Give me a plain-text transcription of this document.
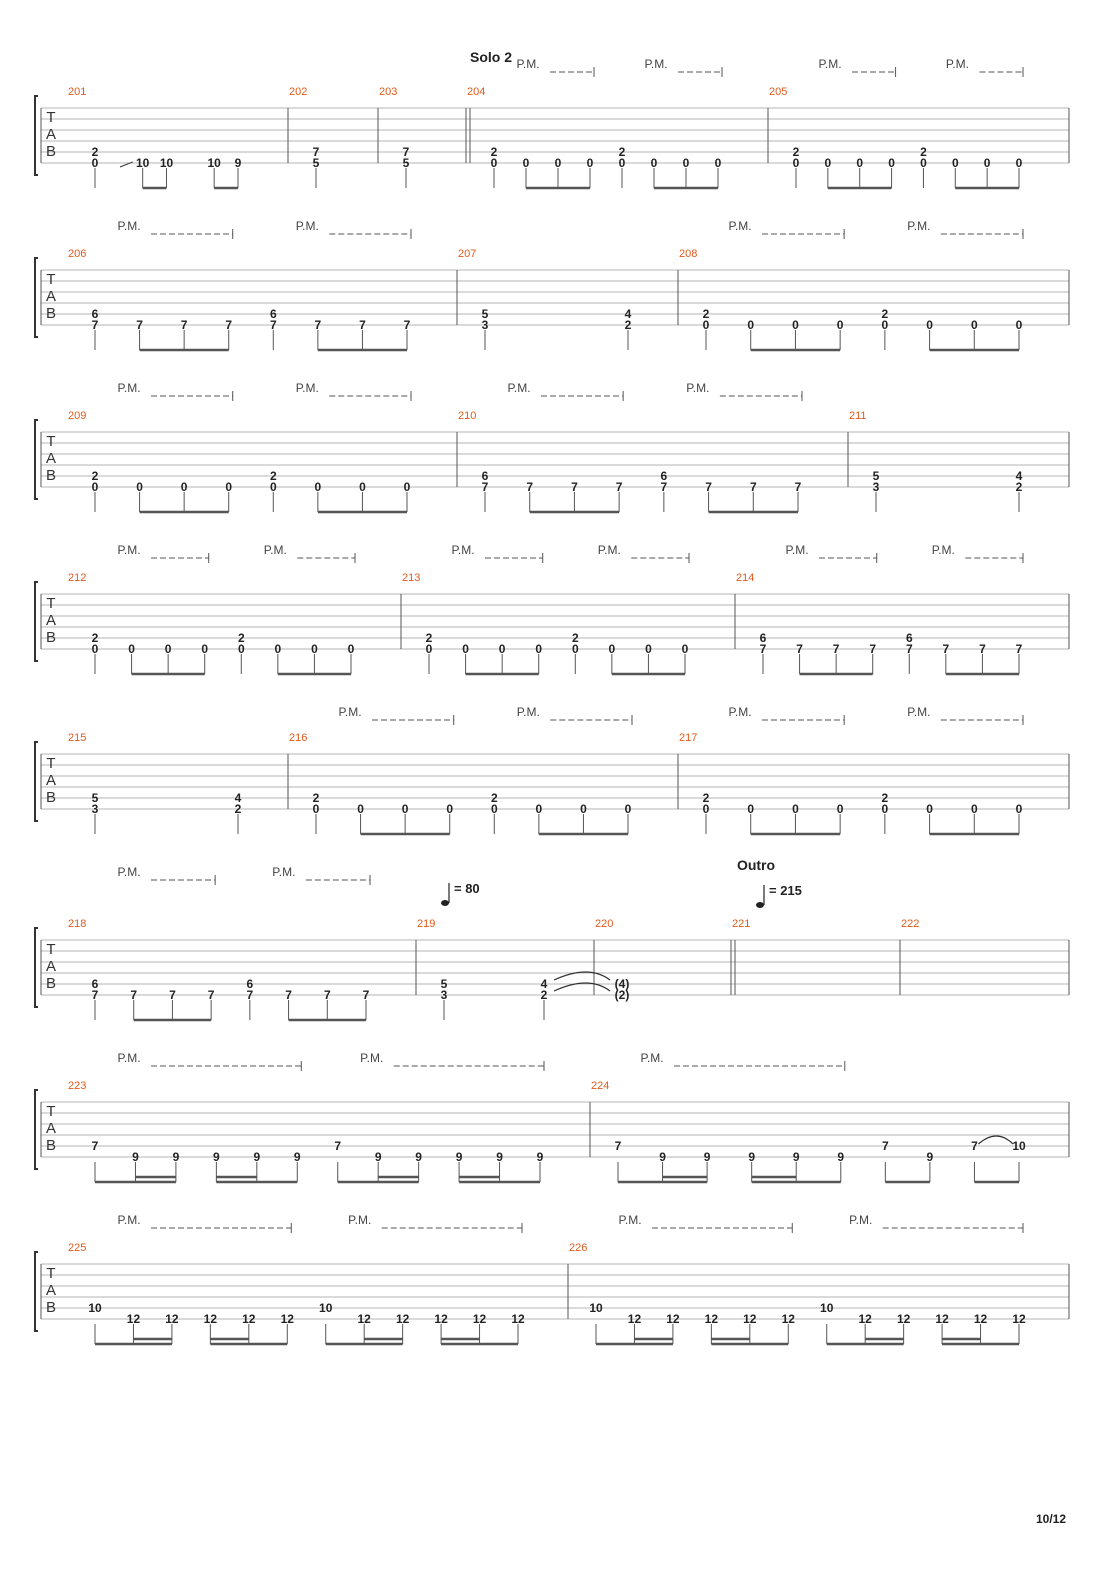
T
A
B
201
2
0	10 10	10 9
202
7
5
203
7
5
204
2
0 0 0 0
2
0 0 0 0
P.M.	P.M.
205
2
0 0 0 0
2
0 0 0 0
P.M.	P.M.
Solo 2
T
A
B
206
6
7	7	7	7
6
7	7	7	7
P.M.	P.M.
207
5
3
4
2
208
2
0	0	0	0
2
0	0	0	0
P.M.	P.M.
T
A
B
209
2
0	0	0	0
2
0	0	0	0
P.M.	P.M.
210
6
7	7	7	7
6
7	7	7	7
P.M.	P.M.
211
5
3
4
2
T
A
B
212
2
0 0 0 0
2
0 0 0 0
P.M.	P.M.
213
2
0 0 0 0
2
0 0 0 0
P.M.	P.M.
214
6
7 7 7 7
6
7 7 7 7
P.M.	P.M.
T
A
B
215
5
3
4
2
216
2
0	0	0	0
2
0	0	0	0
P.M.	P.M.
217
2
0	0	0	0
2
0	0	0	0
P.M.	P.M.
T
A
B
218
6
7	7	7	7
6
7	7	7	7
P.M.	P.M.
219
5
3
4
2
220
(4)
(2)
221	222
Outro
= 80	= 215
T
A
B
223
7
9	9	9	9	9
7
9	9	9	9	9
P.M.	P.M.
224
7
9	9	9	9	9
7
9
7	10
P.M.
T
A
B
225
10
12 12 12 12 12
10
12 12 12 12 12
P.M.	P.M.
226
10
12 12 12 12 12
10
12 12 12 12 12
P.M.	P.M.
10/12
